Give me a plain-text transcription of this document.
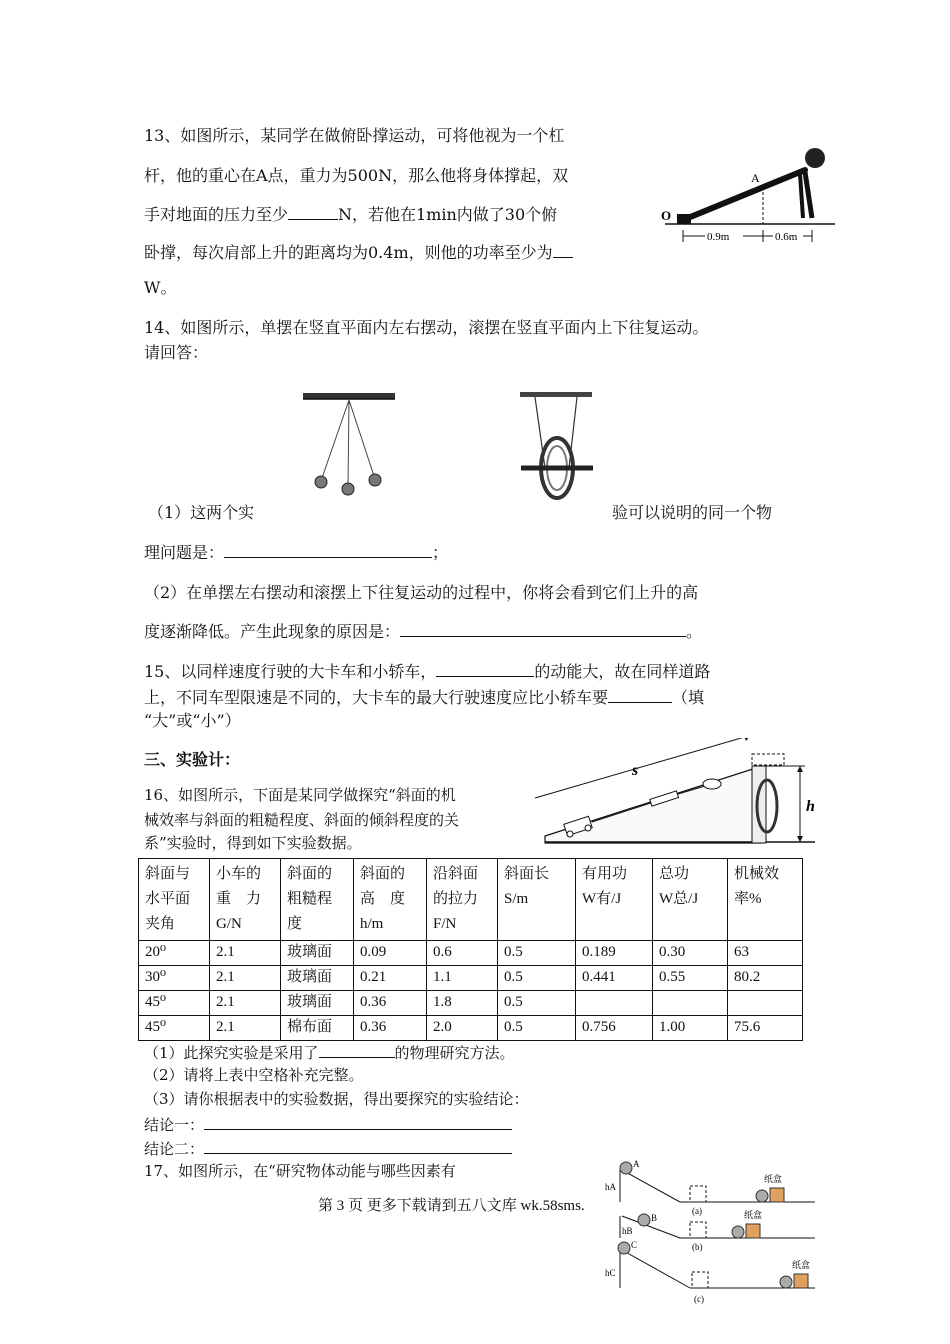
13、如图所示，某同学在做俯卧撑运动，可将他视为一个杠
杆，他的重心在A点，重力为500N，那么他将身体撑起，双
手对地面的压力至少	N，若他在1min内做了30个俯
卧撑，每次肩部上升的距离均为0.4m，则他的功率至少为
W。
A
O
0.9m	0.6m
14、如图所示，单摆在竖直平面内左右摆动，滚摆在竖直平面内上下往复运动。
请回答：
（1）这两个实	验可以说明的同一个物
理问题是：	；
（2）在单摆左右摆动和滚摆上下往复运动的过程中，你将会看到它们上升的高
度逐渐降低。产生此现象的原因是：	。
15、以同样速度行驶的大卡车和小轿车，	的动能大，故在同样道路
上，不同车型限速是不同的，大卡车的最大行驶速度应比小轿车要	（填
“大”或“小”）
三、实验计：
16、如图所示，下面是某同学做探究“斜面的机
械效率与斜面的粗糙程度、斜面的倾斜程度的关
系”实验时，得到如下实验数据。
h
s
斜面与
水平面
夹角	小车的
重　力
G/N	斜面的
粗糙程
度	斜面的
高　度
h/m	沿斜面
的拉力
F/N	斜面长
S/m	有用功
W有/J	总功
W总/J	机械效
率%

20⁰	2.1	玻璃面	0.09	0.6	0.5	0.189	0.30	63
30⁰	2.1	玻璃面	0.21	1.1	0.5	0.441	0.55	80.2
45⁰	2.1	玻璃面	0.36	1.8	0.5			
45⁰	2.1	棉布面	0.36	2.0	0.5	0.756	1.00	75.6
（1）此探究实验是采用了	的物理研究方法。
（2）请将上表中空格补充完整。
（3）请你根据表中的实验数据，得出要探究的实验结论：
结论一：
结论二：
17、如图所示，在“研究物体动能与哪些因素有	A
hA
(a)
纸盒
B
hB
(b)
纸盒
C
hC
(c)
纸盒
第 3 页 更多下载请到五八文库 wk.58sms.
